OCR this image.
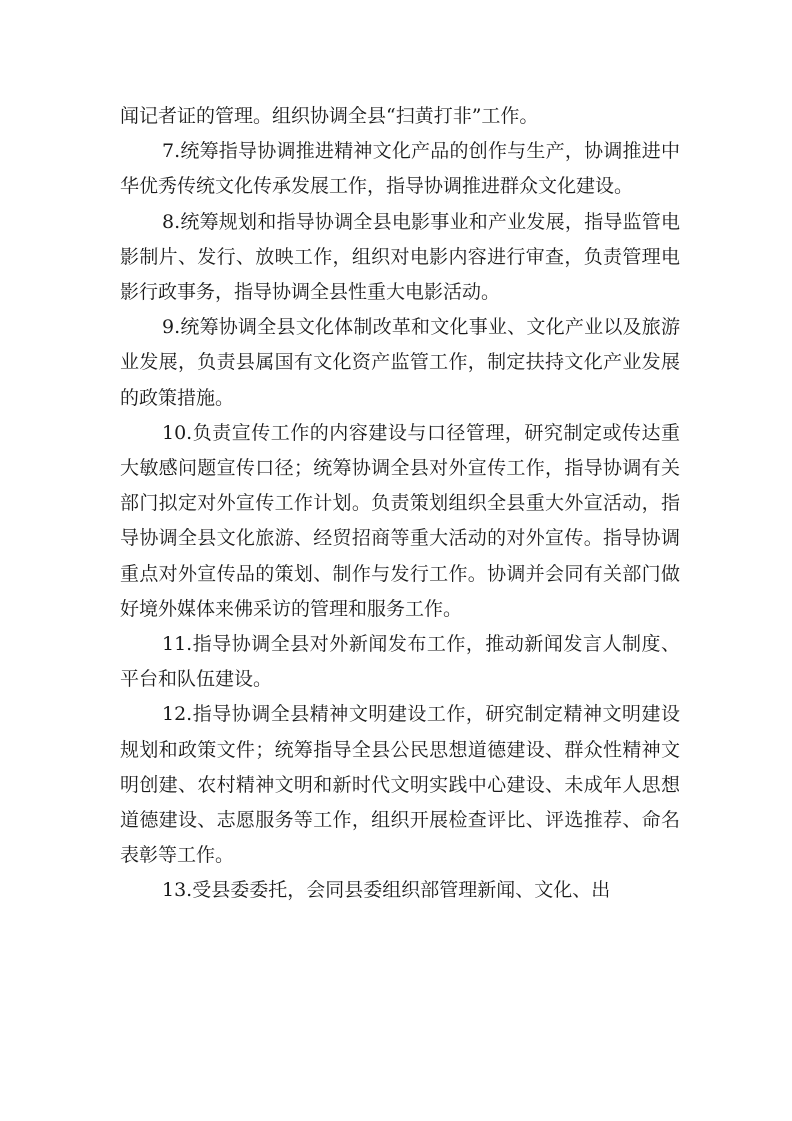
闻记者证的管理。组织协调全县“扫黄打非”工作。

7.统筹指导协调推进精神文化产品的创作与生产，协调推进中华优秀传统文化传承发展工作，指导协调推进群众文化建设。

8.统筹规划和指导协调全县电影事业和产业发展，指导监管电影制片、发行、放映工作，组织对电影内容进行审查，负责管理电影行政事务，指导协调全县性重大电影活动。

9.统筹协调全县文化体制改革和文化事业、文化产业以及旅游业发展，负责县属国有文化资产监管工作，制定扶持文化产业发展的政策措施。

10.负责宣传工作的内容建设与口径管理，研究制定或传达重大敏感问题宣传口径；统筹协调全县对外宣传工作，指导协调有关部门拟定对外宣传工作计划。负责策划组织全县重大外宣活动，指导协调全县文化旅游、经贸招商等重大活动的对外宣传。指导协调重点对外宣传品的策划、制作与发行工作。协调并会同有关部门做好境外媒体来佛采访的管理和服务工作。

11.指导协调全县对外新闻发布工作，推动新闻发言人制度、平台和队伍建设。

12.指导协调全县精神文明建设工作，研究制定精神文明建设规划和政策文件；统筹指导全县公民思想道德建设、群众性精神文明创建、农村精神文明和新时代文明实践中心建设、未成年人思想道德建设、志愿服务等工作，组织开展检查评比、评选推荐、命名表彰等工作。

13.受县委委托，会同县委组织部管理新闻、文化、出
